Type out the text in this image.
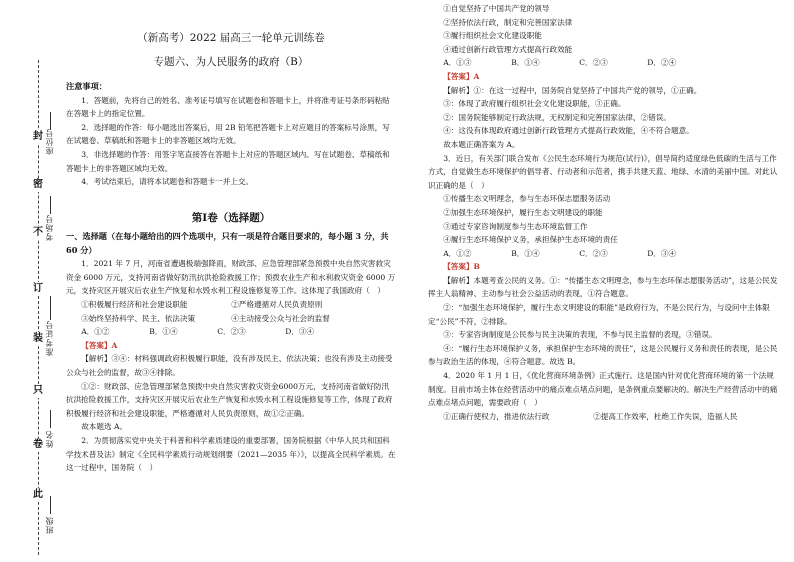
封
密
不
订
装
只
卷
此
座位号
考场号
准考证号
姓名
班级

（新高考）2022 届高三一轮单元训练卷

专题六、为人民服务的政府（B）

注意事项：

1．答题前，先将自己的姓名、准考证号填写在试题卷和答题卡上，并将准考证号条形码粘贴在答题卡上的指定位置。

2．选择题的作答：每小题选出答案后，用 2B 铅笔把答题卡上对应题目的答案标号涂黑，写在试题卷、草稿纸和答题卡上的非答题区域均无效。

3．非选择题的作答：用签字笔直接答在答题卡上对应的答题区域内。写在试题卷、草稿纸和答题卡上的非答题区域均无效。

4．考试结束后，请将本试题卷和答题卡一并上交。

第Ⅰ卷（选择题）

一、选择题（在每小题给出的四个选项中，只有一项是符合题目要求的，每小题 3 分，共 60 分）

1．2021 年 7 月，河南省遭遇极端强降雨，财政部、应急管理部紧急预拨中央自然灾害救灾资金 6000 万元，支持河南省做好防汛抗洪抢险救援工作；预拨农业生产和水利救灾资金 6000 万元，支持灾区开展灾后农业生产恢复和水毁水利工程设施修复等工作。这体现了我国政府（　）

①积极履行经济和社会建设职能	②严格遵循对人民负责原则
③始终坚持科学、民主、依法决策	④主动接受公众与社会的监督
A．①②	B．①④	C．②③	D．③④

【答案】A

【解析】③④：材料强调政府积极履行职能，没有涉及民主、依法决策；也没有涉及主动接受公众与社会的监督，故③④排除。

①②：财政部、应急管理部紧急预拨中央自然灾害救灾资金6000万元，支持河南省做好防汛抗洪抢险救援工作，支持灾区开展灾后农业生产恢复和水毁水利工程设施修复等工作，体现了政府积极履行经济和社会建设职能，严格遵循对人民负责原则，故①②正确。

故本题选 A。

2．为贯彻落实党中央关于科普和科学素质建设的重要部署，国务院根据《中华人民共和国科学技术普及法》制定《全民科学素质行动规划纲要（2021—2035 年）》，以提高全民科学素质。在这一过程中，国务院（　）

①自觉坚持了中国共产党的领导

②坚持依法行政，制定和完善国家法律

③履行组织社会文化建设职能

④通过创新行政管理方式提高行政效能

A．①③	B．①④	C．②③	D．②④

【答案】A

【解析】①：在这一过程中，国务院自觉坚持了中国共产党的领导，①正确。

③：体现了政府履行组织社会文化建设职能，③正确。

②：国务院能够制定行政法规，无权制定和完善国家法律，②错误。

④：这没有体现政府通过创新行政管理方式提高行政效能，④不符合题意。

故本题正确答案为 A。

3．近日，有关部门联合发布《公民生态环境行为规范(试行)》，倡导简约适度绿色低碳的生活与工作方式，自觉做生态环境保护的倡导者、行动者和示范者，携手共建天蓝、地绿、水清的美丽中国。对此认识正确的是（　）

①传播生态文明理念，参与生态环保志愿服务活动

②加强生态环境保护，履行生态文明建设的职能

③通过专家咨询制度参与生态环境监督工作

④履行生态环境保护义务，承担保护生态环境的责任

A．①②	B．①④	C．②③	D．③④

【答案】B

【解析】本题考查公民的义务。①：“传播生态文明理念，参与生态环保志愿服务活动”，这是公民发挥主人翁精神、主动参与社会公益活动的表现，①符合题意。

②：“加强生态环境保护，履行生态文明建设的职能”是政府行为，不是公民行为，与设问中主体限定“公民”不符，②排除。

③：专家咨询制度是公民参与民主决策的表现，不参与民主监督的表现，③错误。

④：“履行生态环境保护义务，承担保护生态环境的责任”，这是公民履行义务和责任的表现，是公民参与政治生活的体现，④符合题意。故选 B。

4．2020 年 1 月 1 日，《优化营商环境条例》正式施行。这是国内针对优化营商环境的第一个法规制度。目前市场主体在经营活动中的痛点难点堵点问题，是条例重点要解决的。解决生产经营活动中的痛点难点堵点问题，需要政府（　）

①正确行使权力，推进依法行政	②提高工作效率，杜绝工作失误，造福人民
